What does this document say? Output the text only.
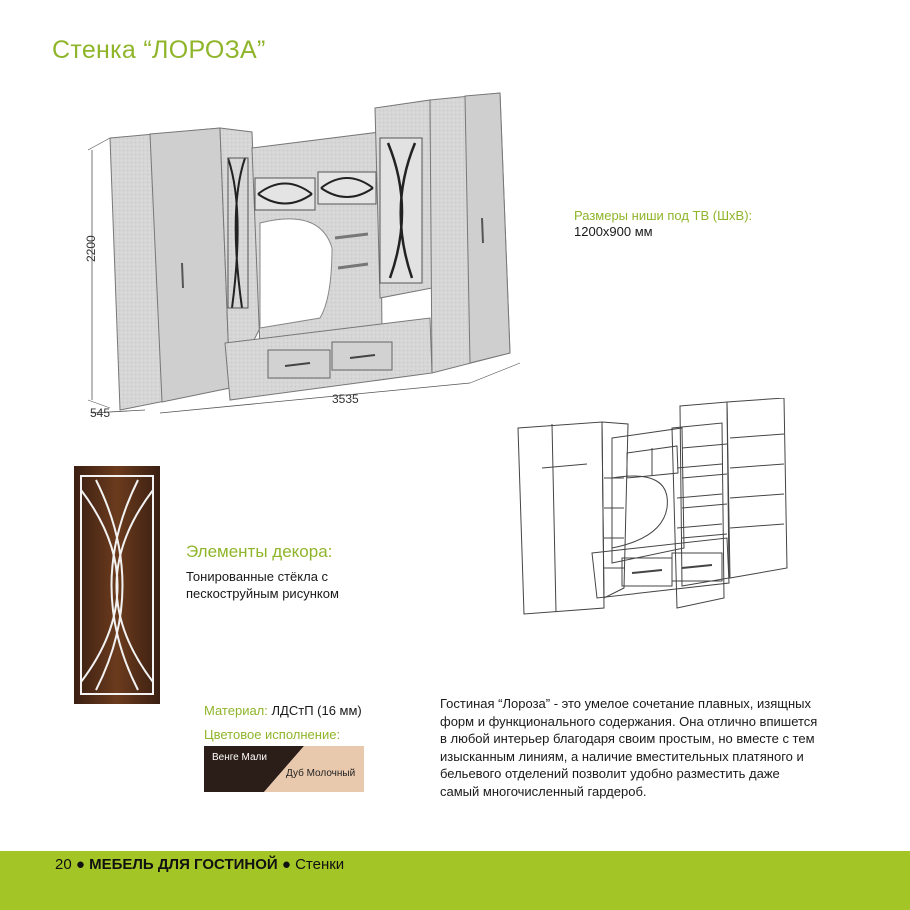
Стенка “ЛОРОЗА”
2200
3535
545
Размеры ниши под ТВ (ШхВ):
1200x900 мм
Элементы декора:
Тонированные стёкла с пескоструйным рисунком
Материал: ЛДСтП (16 мм)
Цветовое исполнение:
Венге Мали
Дуб Молочный
Гостиная “Лороза” - это умелое сочетание плавных, изящных форм и функционального содержания. Она отлично впишется в любой интерьер благодаря своим простым, но вместе с тем изысканным линиям, а наличие вместительных платяного и бельевого отделений позволит удобно разместить даже самый многочисленный гардероб.
20 ● МЕБЕЛЬ ДЛЯ ГОСТИНОЙ ● Стенки
